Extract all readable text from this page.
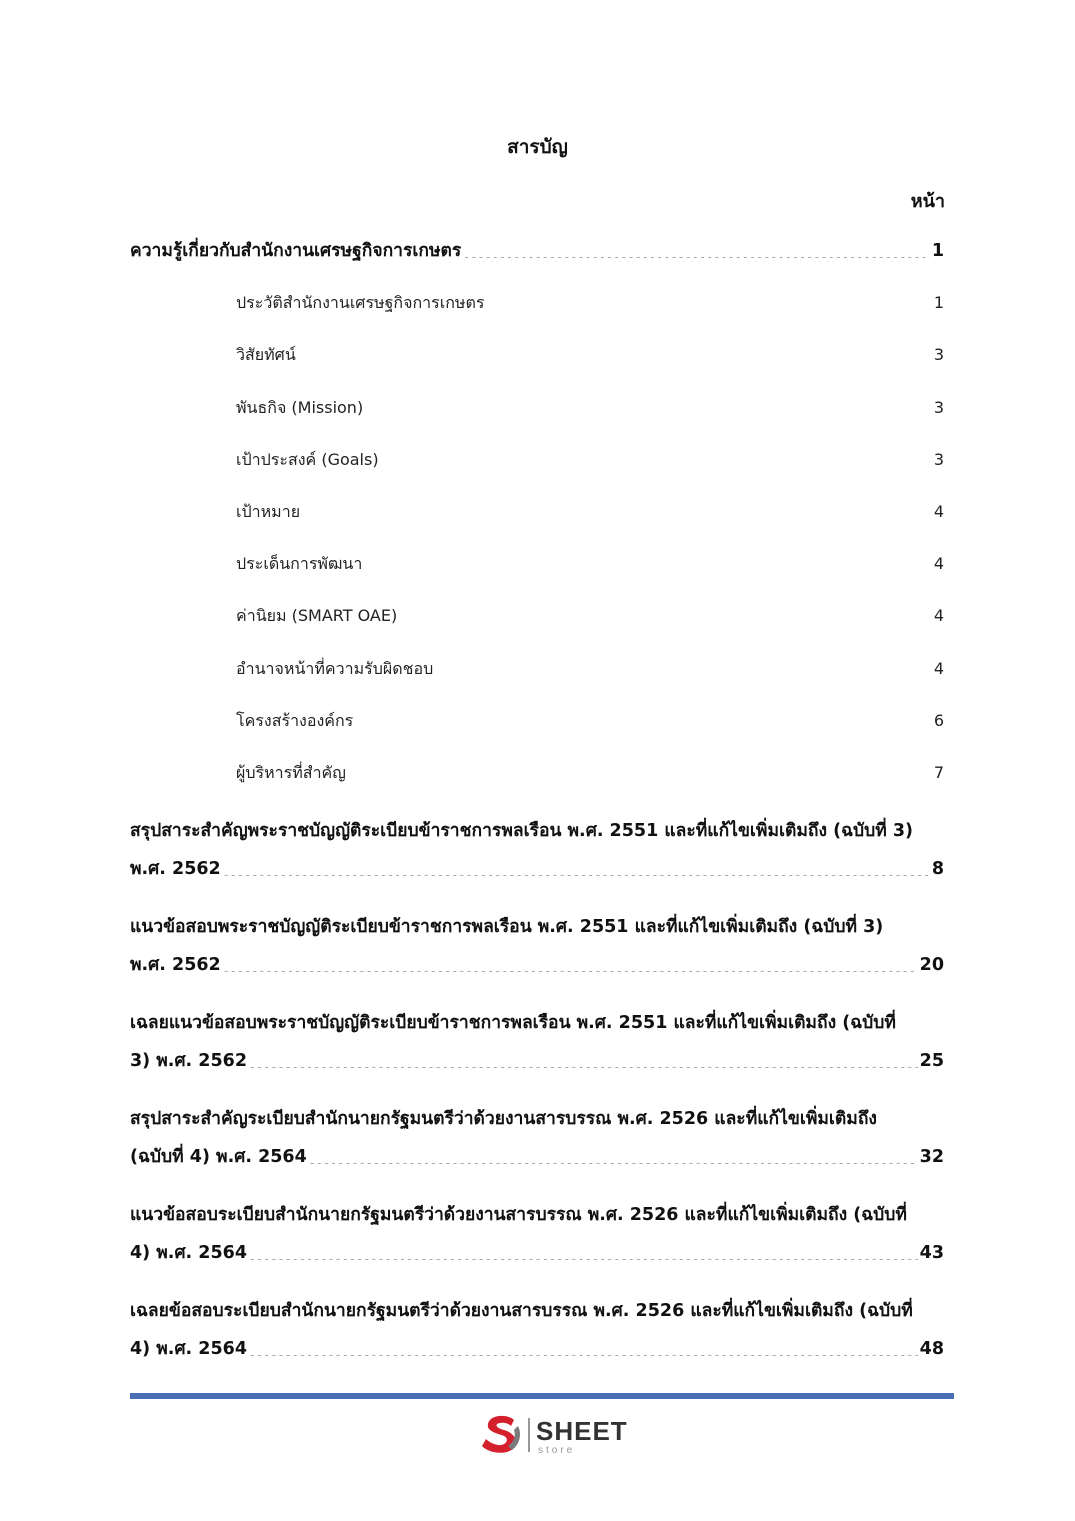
สารบัญ
หน้า
ความรู้เกี่ยวกับสำนักงานเศรษฐกิจการเกษตร .....	1
ประวัติสำนักงานเศรษฐกิจการเกษตร .....	1
วิสัยทัศน์ .....	3
พันธกิจ (Mission) .....	3
เป้าประสงค์ (Goals) .....	3
เป้าหมาย .....	4
ประเด็นการพัฒนา .....	4
ค่านิยม (SMART OAE) .....	4
อำนาจหน้าที่ความรับผิดชอบ .....	4
โครงสร้างองค์กร .....	6
ผู้บริหารที่สำคัญ .....	7
สรุปสาระสำคัญพระราชบัญญัติระเบียบข้าราชการพลเรือน พ.ศ. 2551 และที่แก้ไขเพิ่มเติมถึง (ฉบับที่ 3)
พ.ศ. 2562 .....	8
แนวข้อสอบพระราชบัญญัติระเบียบข้าราชการพลเรือน พ.ศ. 2551 และที่แก้ไขเพิ่มเติมถึง (ฉบับที่ 3)
พ.ศ. 2562 .....	20
เฉลยแนวข้อสอบพระราชบัญญัติระเบียบข้าราชการพลเรือน พ.ศ. 2551 และที่แก้ไขเพิ่มเติมถึง (ฉบับที่
3) พ.ศ. 2562 .....	25
สรุปสาระสำคัญระเบียบสำนักนายกรัฐมนตรีว่าด้วยงานสารบรรณ พ.ศ. 2526 และที่แก้ไขเพิ่มเติมถึง
(ฉบับที่ 4) พ.ศ. 2564 .....	32
แนวข้อสอบระเบียบสำนักนายกรัฐมนตรีว่าด้วยงานสารบรรณ พ.ศ. 2526 และที่แก้ไขเพิ่มเติมถึง (ฉบับที่
4) พ.ศ. 2564 .....	43
เฉลยข้อสอบระเบียบสำนักนายกรัฐมนตรีว่าด้วยงานสารบรรณ พ.ศ. 2526 และที่แก้ไขเพิ่มเติมถึง (ฉบับที่
4) พ.ศ. 2564 .....	48
SHEET
store
